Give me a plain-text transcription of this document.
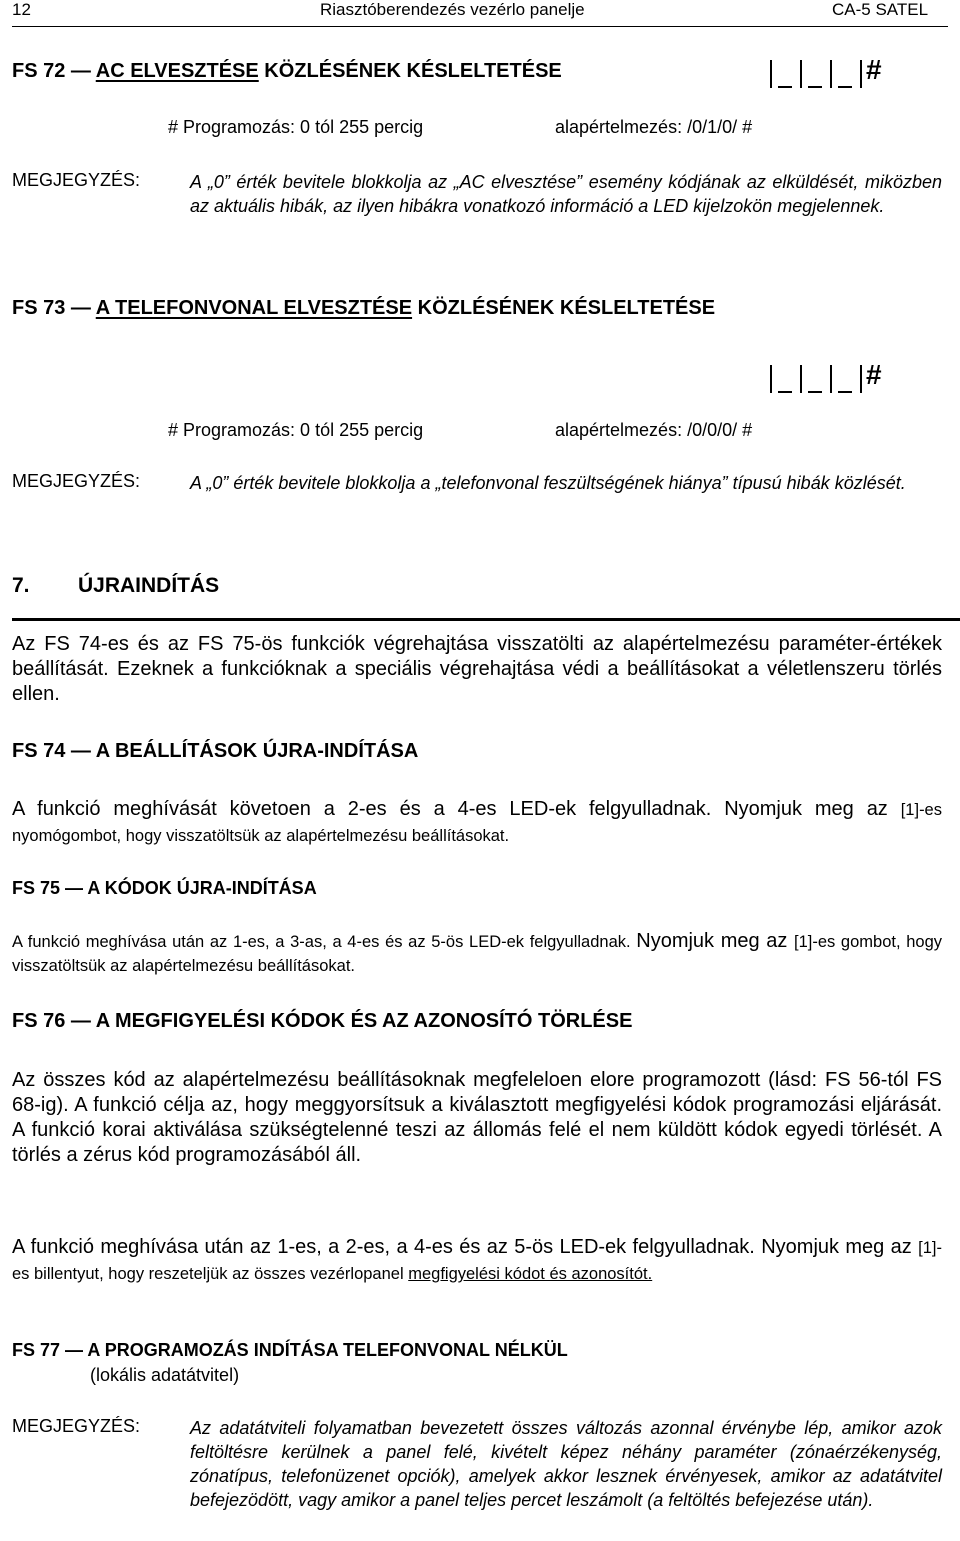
12	Riasztóberendezés vezérlo panelje	CA-5 SATEL
FS 72 — AC ELVESZTÉSE KÖZLÉSÉNEK KÉSLELTETÉSE	#
# Programozás: 0 tól 255 percig	alapértelmezés: /0/1/0/ #
MEGJEGYZÉS:	A „0” érték bevitele blokkolja az „AC elvesztése” esemény kódjának az elküldését, miközben az aktuális hibák, az ilyen hibákra vonatkozó információ a LED kijelzokön megjelennek.
FS 73 — A TELEFONVONAL ELVESZTÉSE KÖZLÉSÉNEK KÉSLELTETÉSE
#
# Programozás: 0 tól 255 percig	alapértelmezés: /0/0/0/ #
MEGJEGYZÉS:	A „0” érték bevitele blokkolja a „telefonvonal feszültségének hiánya” típusú hibák közlését.
7. ÚJRAINDÍTÁS
Az FS 74-es és az FS 75-ös funkciók végrehajtása visszatölti az alapértelmezésu paraméter-értékek beállítását. Ezeknek a funkcióknak a speciális végrehajtása védi a beállításokat a véletlenszeru törlés ellen.
FS 74 — A BEÁLLÍTÁSOK ÚJRA-INDÍTÁSA
A funkció meghívását követoen a 2-es és a 4-es LED-ek felgyulladnak. Nyomjuk meg az [1]-es nyomógombot, hogy visszatöltsük az alapértelmezésu beállításokat.
FS 75 — A KÓDOK ÚJRA-INDÍTÁSA
A funkció meghívása után az 1-es, a 3-as, a 4-es és az 5-ös LED-ek felgyulladnak. Nyomjuk meg az [1]-es gombot, hogy visszatöltsük az alapértelmezésu beállításokat.
FS 76 — A MEGFIGYELÉSI KÓDOK ÉS AZ AZONOSÍTÓ TÖRLÉSE
Az összes kód az alapértelmezésu beállításoknak megfeleloen elore programozott (lásd: FS 56-tól FS 68-ig). A funkció célja az, hogy meggyorsítsuk a kiválasztott megfigyelési kódok programozási eljárását. A funkció korai aktiválása szükségtelenné teszi az állomás felé el nem küldött kódok egyedi törlését. A törlés a zérus kód programozásából áll.
A funkció meghívása után az 1-es, a 2-es, a 4-es és az 5-ös LED-ek felgyulladnak. Nyomjuk meg az [1]-es billentyut, hogy reszeteljük az összes vezérlopanel megfigyelési kódot és azonosítót.
FS 77 — A PROGRAMOZÁS INDÍTÁSA TELEFONVONAL NÉLKÜL
(lokális adatátvitel)
MEGJEGYZÉS:	Az adatátviteli folyamatban bevezetett összes változás azonnal érvénybe lép, amikor azok feltöltésre kerülnek a panel felé, kivételt képez néhány paraméter (zónaérzékenység, zónatípus, telefonüzenet opciók), amelyek akkor lesznek érvényesek, amikor az adatátvitel befejezödött, vagy amikor a panel teljes percet leszámolt (a feltöltés befejezése után).
